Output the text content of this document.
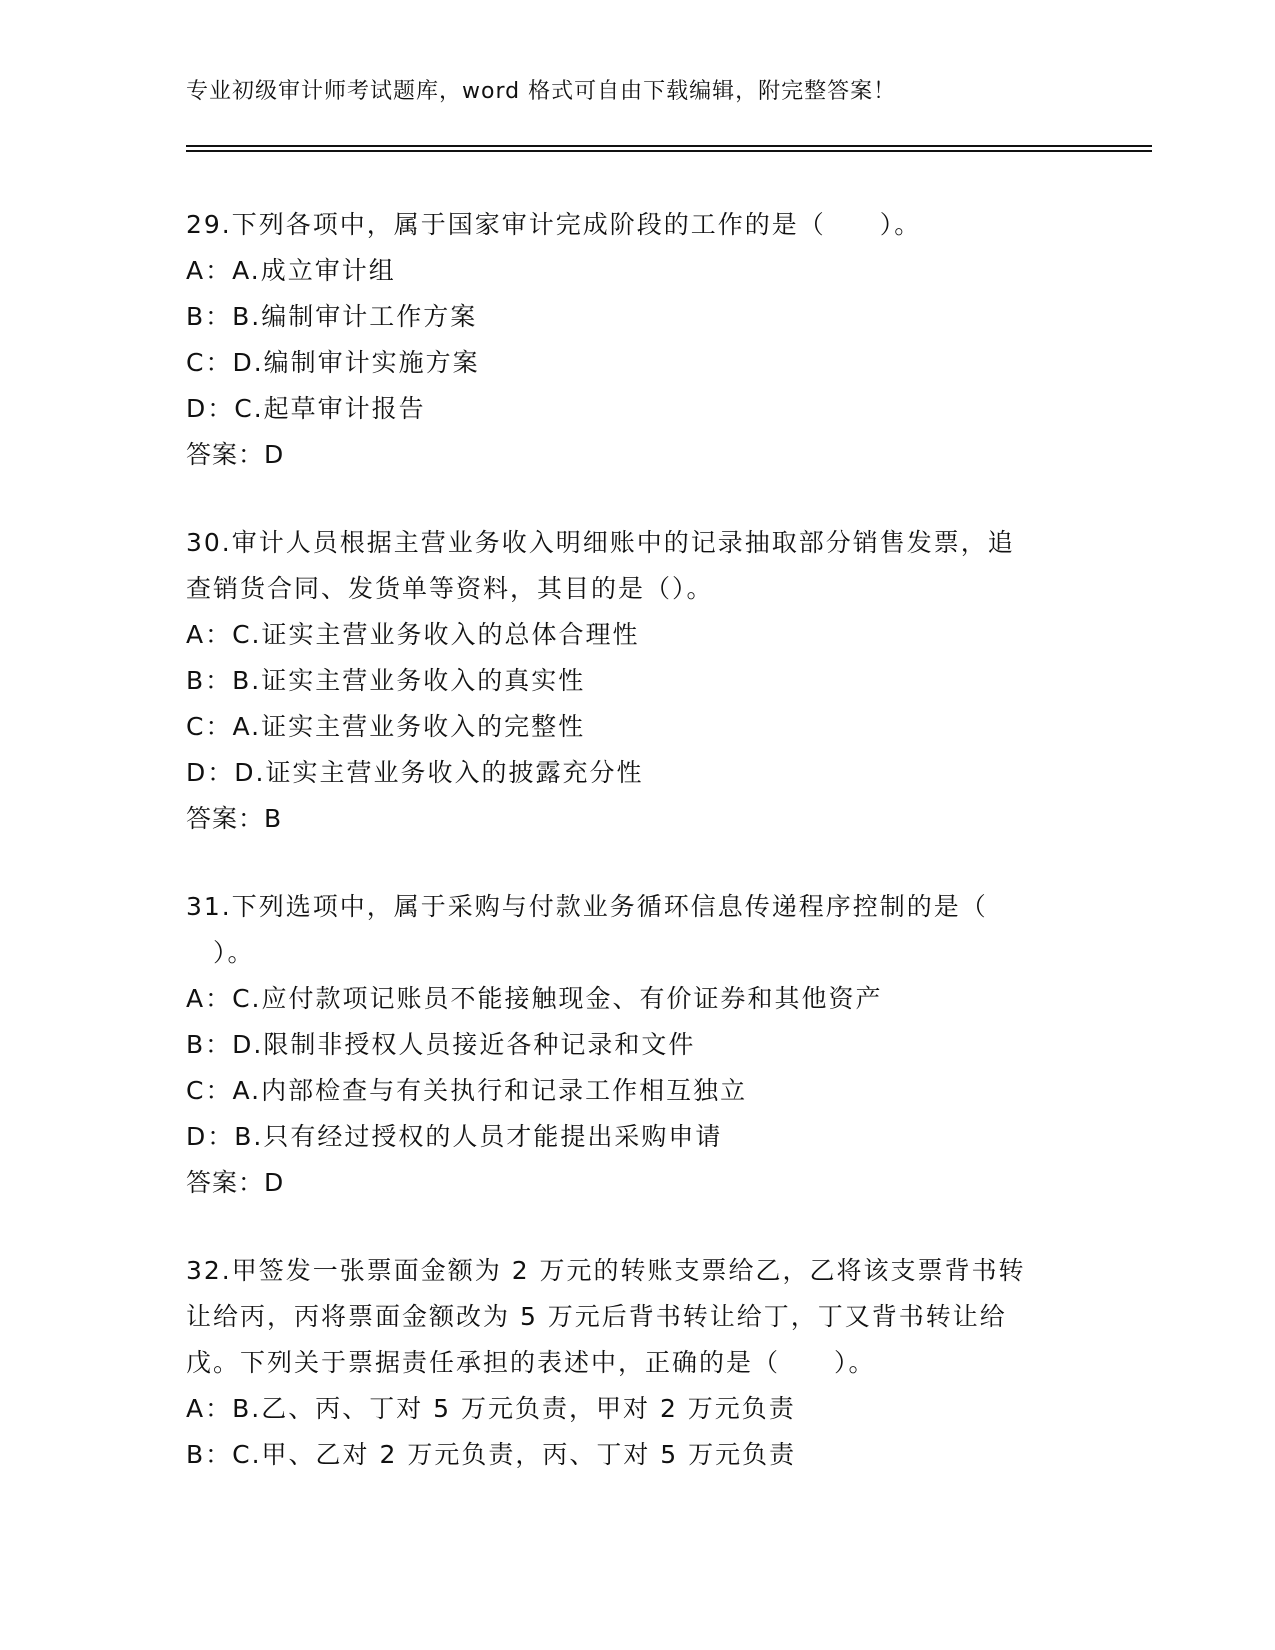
专业初级审计师考试题库，word 格式可自由下载编辑，附完整答案！
29.下列各项中，属于国家审计完成阶段的工作的是（　　）。
A：A.成立审计组
B：B.编制审计工作方案
C：D.编制审计实施方案
D：C.起草审计报告
答案：D
30.审计人员根据主营业务收入明细账中的记录抽取部分销售发票，追
查销货合同、发货单等资料，其目的是（）。
A：C.证实主营业务收入的总体合理性
B：B.证实主营业务收入的真实性
C：A.证实主营业务收入的完整性
D：D.证实主营业务收入的披露充分性
答案：B
31.下列选项中，属于采购与付款业务循环信息传递程序控制的是（
　）。
A：C.应付款项记账员不能接触现金、有价证券和其他资产
B：D.限制非授权人员接近各种记录和文件
C：A.内部检查与有关执行和记录工作相互独立
D：B.只有经过授权的人员才能提出采购申请
答案：D
32.甲签发一张票面金额为 2 万元的转账支票给乙，乙将该支票背书转
让给丙，丙将票面金额改为 5 万元后背书转让给丁，丁又背书转让给
戊。下列关于票据责任承担的表述中，正确的是（　　）。
A：B.乙、丙、丁对 5 万元负责，甲对 2 万元负责
B：C.甲、乙对 2 万元负责，丙、丁对 5 万元负责
